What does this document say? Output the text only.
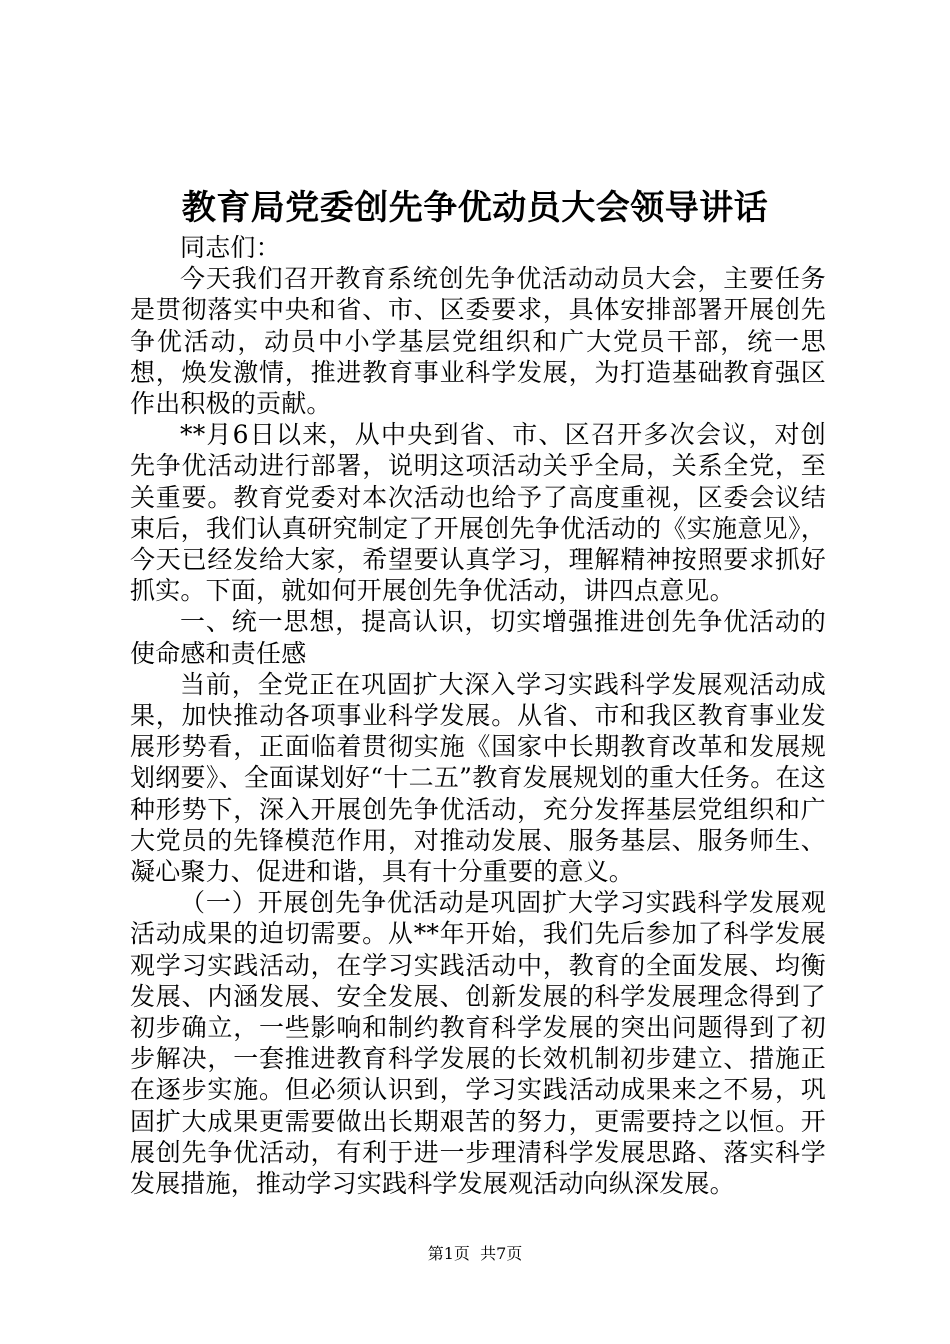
教育局党委创先争优动员大会领导讲话

同志们：

今天我们召开教育系统创先争优活动动员大会，主要任务是贯彻落实中央和省、市、区委要求，具体安排部署开展创先争优活动，动员中小学基层党组织和广大党员干部，统一思想，焕发激情，推进教育事业科学发展，为打造基础教育强区作出积极的贡献。

**月6日以来，从中央到省、市、区召开多次会议，对创先争优活动进行部署，说明这项活动关乎全局，关系全党，至关重要。教育党委对本次活动也给予了高度重视，区委会议结束后，我们认真研究制定了开展创先争优活动的《实施意见》，今天已经发给大家，希望要认真学习，理解精神按照要求抓好抓实。下面，就如何开展创先争优活动，讲四点意见。

一、统一思想，提高认识，切实增强推进创先争优活动的使命感和责任感

当前，全党正在巩固扩大深入学习实践科学发展观活动成果，加快推动各项事业科学发展。从省、市和我区教育事业发展形势看，正面临着贯彻实施《国家中长期教育改革和发展规划纲要》、全面谋划好“十二五”教育发展规划的重大任务。在这种形势下，深入开展创先争优活动，充分发挥基层党组织和广大党员的先锋模范作用，对推动发展、服务基层、服务师生、凝心聚力、促进和谐，具有十分重要的意义。

（一）开展创先争优活动是巩固扩大学习实践科学发展观活动成果的迫切需要。从**年开始，我们先后参加了科学发展观学习实践活动，在学习实践活动中，教育的全面发展、均衡发展、内涵发展、安全发展、创新发展的科学发展理念得到了初步确立，一些影响和制约教育科学发展的突出问题得到了初步解决，一套推进教育科学发展的长效机制初步建立、措施正在逐步实施。但必须认识到，学习实践活动成果来之不易，巩固扩大成果更需要做出长期艰苦的努力，更需要持之以恒。开展创先争优活动，有利于进一步理清科学发展思路、落实科学发展措施，推动学习实践科学发展观活动向纵深发展。

第1页 共7页
